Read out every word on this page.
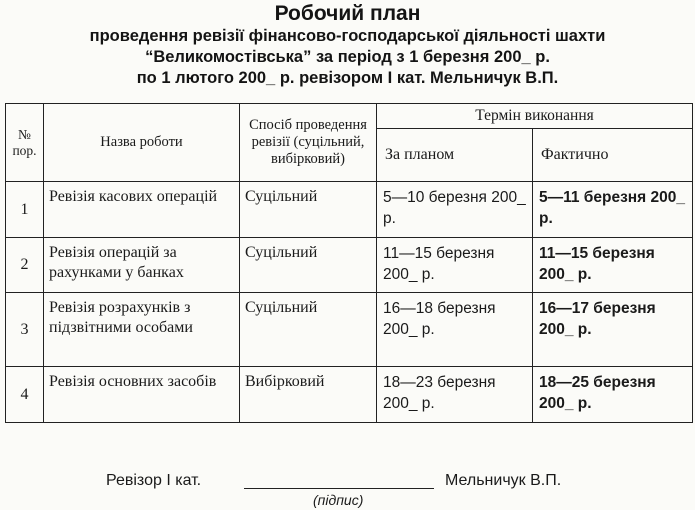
Робочий план
проведення ревізії фінансово-господарської діяльності шахти
“Великомостівська” за період з 1 березня 200_ р.
по 1 лютого 200_ р. ревізором І кат. Мельничук В.П.
№ пор.	Назва роботи	Спосіб проведення ревізії (суцільний, вибірковий)	Термін виконання	
			За планом	Фактично
1	Ревізія касових операцій	Суцільний	5—10 березня 200_ р.	5—11 березня 200_ р.
2	Ревізія операцій за рахунками у банках	Суцільний	11—15 березня 200_ р.	11—15 березня 200_ р.
3	Ревізія розрахунків з підзвітними особами	Суцільний	16—18 березня 200_ р.	16—17 березня 200_ р.
4	Ревізія основних засобів	Вибірковий	18—23 березня 200_ р.	18—25 березня 200_ р.
Ревізор І кат.	Мельничук В.П.
(підпис)
